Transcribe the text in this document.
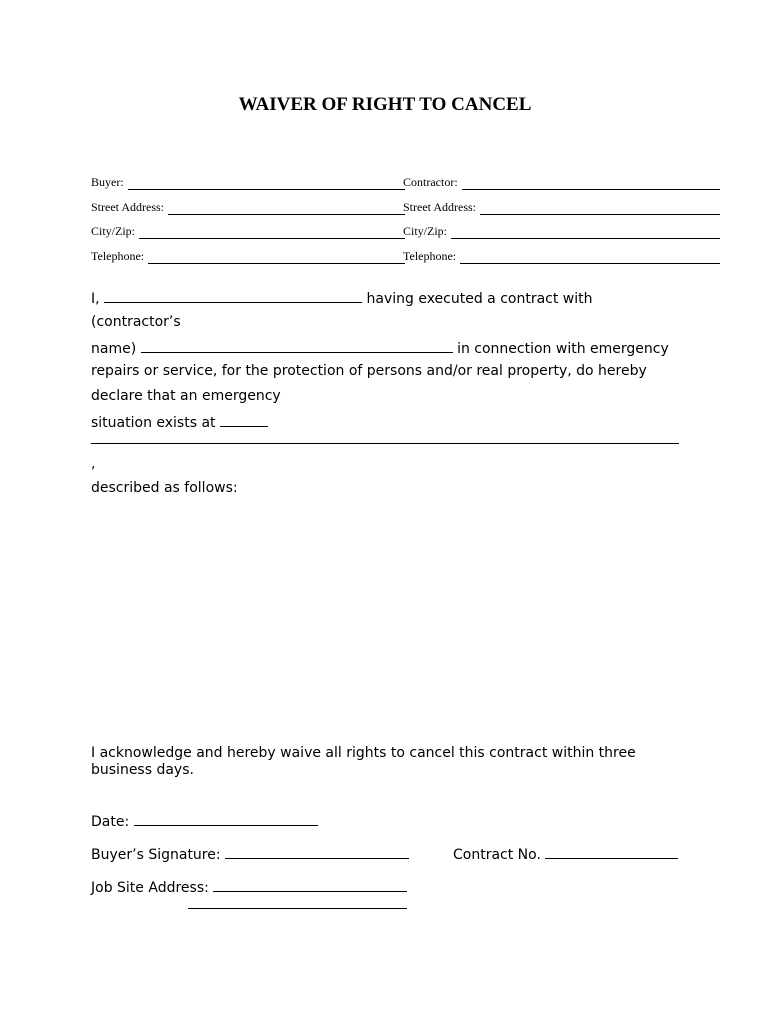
WAIVER OF RIGHT TO CANCEL
Buyer:	Contractor:
Street Address:	Street Address:
City/Zip:	City/Zip:
Telephone:	Telephone:
I,	having executed a contract with
(contractor’s
name)	in connection with emergency
repairs or service, for the protection of persons and/or real property, do hereby
declare that an emergency
situation exists at
,
described as follows:
I acknowledge and hereby waive all rights to cancel this contract within three
business days.
Date:
Buyer’s Signature:	Contract No.
Job Site Address:
